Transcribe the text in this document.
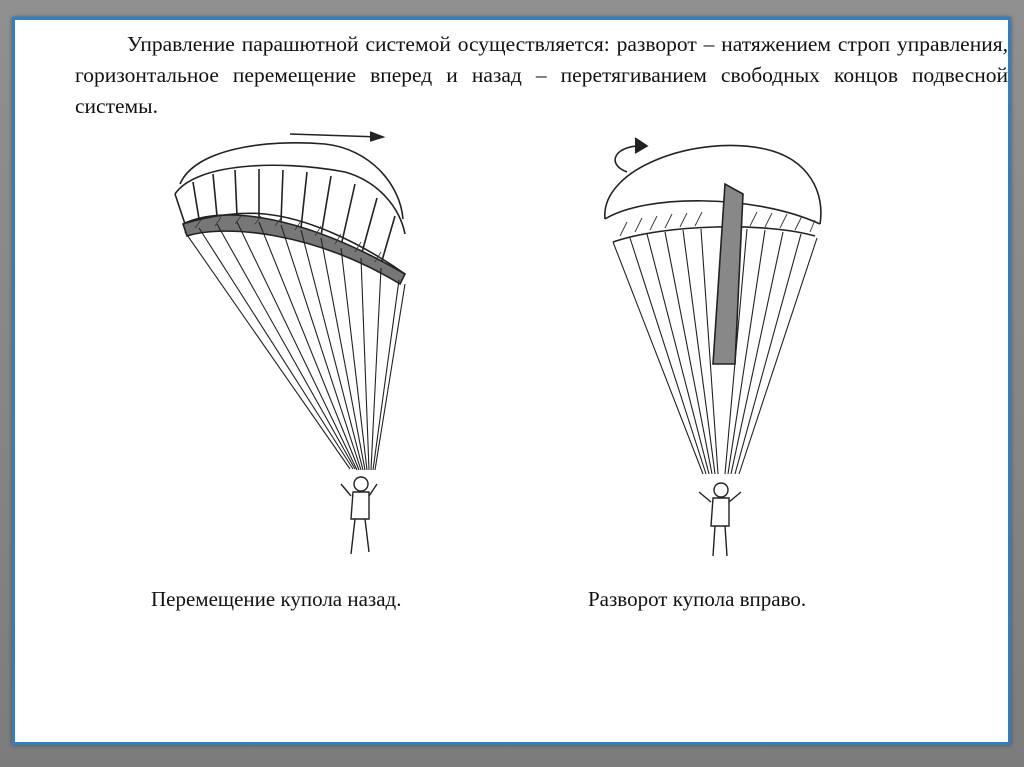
Управление парашютной системой осуществляется: разворот – натяжением строп управления, горизонтальное перемещение вперед и назад – перетягиванием свободных концов подвесной системы.

Перемещение купола назад.	Разворот купола вправо.
